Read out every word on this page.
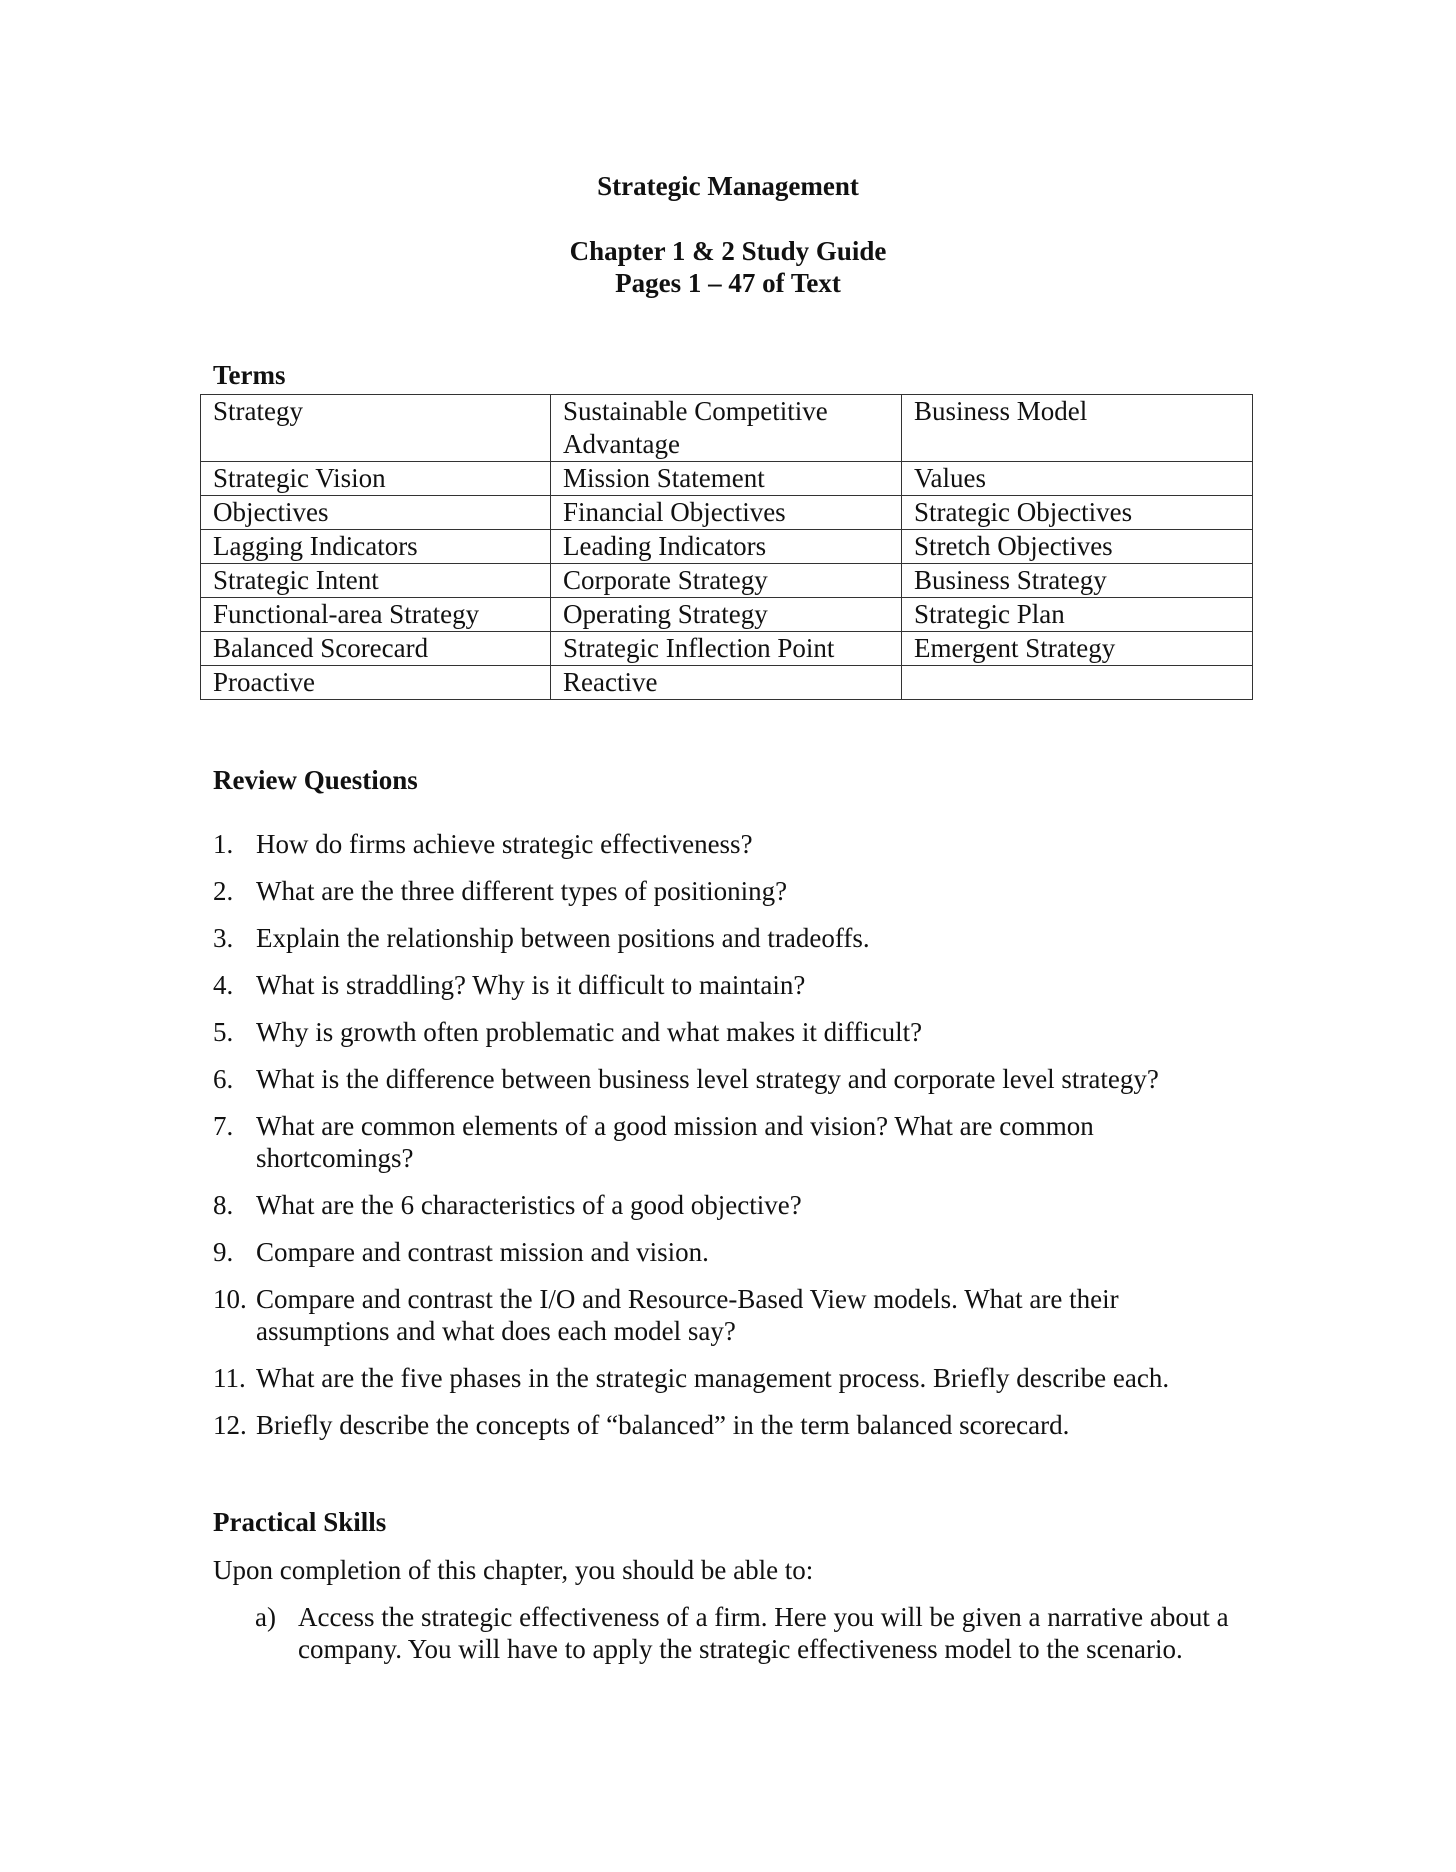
Strategic Management
Chapter 1 & 2 Study Guide
Pages 1 – 47 of Text
Terms
Strategy	Sustainable Competitive Advantage	Business Model
Strategic Vision	Mission Statement	Values
Objectives	Financial Objectives	Strategic Objectives
Lagging Indicators	Leading Indicators	Stretch Objectives
Strategic Intent	Corporate Strategy	Business Strategy
Functional-area Strategy	Operating Strategy	Strategic Plan
Balanced Scorecard	Strategic Inflection Point	Emergent Strategy
Proactive	Reactive	
Review Questions
1. How do firms achieve strategic effectiveness?
2. What are the three different types of positioning?
3. Explain the relationship between positions and tradeoffs.
4. What is straddling? Why is it difficult to maintain?
5. Why is growth often problematic and what makes it difficult?
6. What is the difference between business level strategy and corporate level strategy?
7. What are common elements of a good mission and vision? What are common shortcomings?
8. What are the 6 characteristics of a good objective?
9. Compare and contrast mission and vision.
10. Compare and contrast the I/O and Resource-Based View models. What are their assumptions and what does each model say?
11. What are the five phases in the strategic management process. Briefly describe each.
12. Briefly describe the concepts of “balanced” in the term balanced scorecard.
Practical Skills
Upon completion of this chapter, you should be able to:
a) Access the strategic effectiveness of a firm. Here you will be given a narrative about a company. You will have to apply the strategic effectiveness model to the scenario.
